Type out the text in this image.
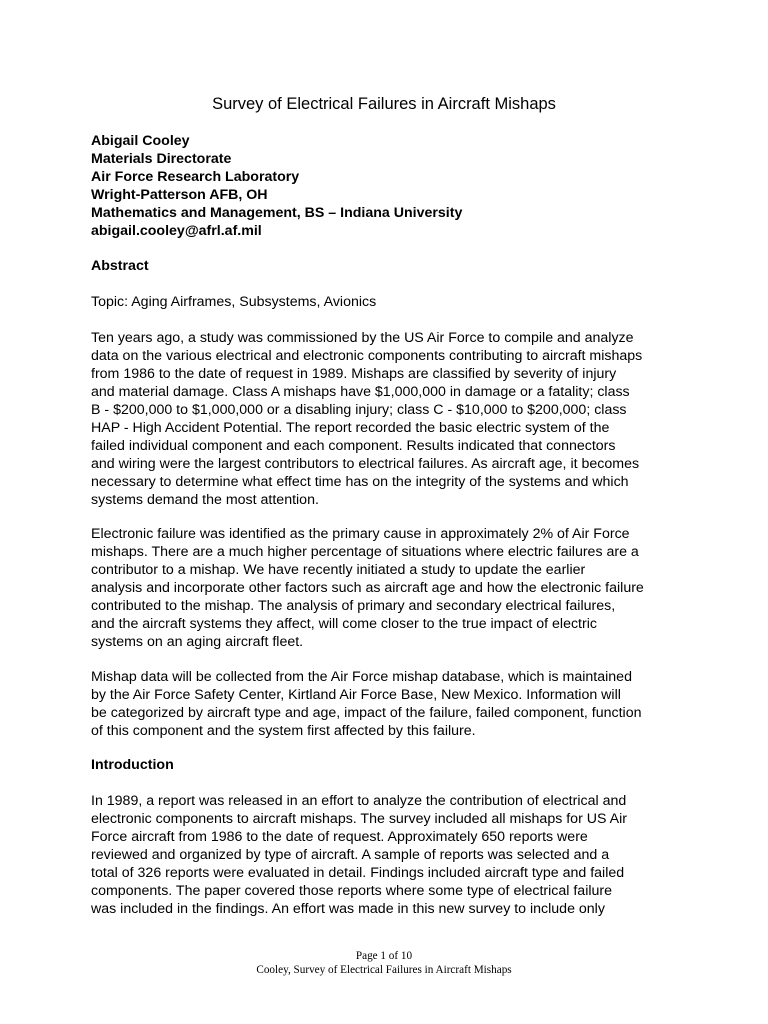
Survey of Electrical Failures in Aircraft Mishaps
Abigail Cooley
Materials Directorate
Air Force Research Laboratory
Wright-Patterson AFB, OH
Mathematics and Management, BS – Indiana University
abigail.cooley@afrl.af.mil
Abstract
Topic: Aging Airframes, Subsystems, Avionics
Ten years ago, a study was commissioned by the US Air Force to compile and analyze
data on the various electrical and electronic components contributing to aircraft mishaps
from 1986 to the date of request in 1989. Mishaps are classified by severity of injury
and material damage. Class A mishaps have $1,000,000 in damage or a fatality; class
B - $200,000 to $1,000,000 or a disabling injury; class C - $10,000 to $200,000; class
HAP - High Accident Potential. The report recorded the basic electric system of the
failed individual component and each component. Results indicated that connectors
and wiring were the largest contributors to electrical failures. As aircraft age, it becomes
necessary to determine what effect time has on the integrity of the systems and which
systems demand the most attention.
Electronic failure was identified as the primary cause in approximately 2% of Air Force
mishaps. There are a much higher percentage of situations where electric failures are a
contributor to a mishap. We have recently initiated a study to update the earlier
analysis and incorporate other factors such as aircraft age and how the electronic failure
contributed to the mishap. The analysis of primary and secondary electrical failures,
and the aircraft systems they affect, will come closer to the true impact of electric
systems on an aging aircraft fleet.
Mishap data will be collected from the Air Force mishap database, which is maintained
by the Air Force Safety Center, Kirtland Air Force Base, New Mexico. Information will
be categorized by aircraft type and age, impact of the failure, failed component, function
of this component and the system first affected by this failure.
Introduction
In 1989, a report was released in an effort to analyze the contribution of electrical and
electronic components to aircraft mishaps. The survey included all mishaps for US Air
Force aircraft from 1986 to the date of request. Approximately 650 reports were
reviewed and organized by type of aircraft. A sample of reports was selected and a
total of 326 reports were evaluated in detail. Findings included aircraft type and failed
components. The paper covered those reports where some type of electrical failure
was included in the findings. An effort was made in this new survey to include only
Page 1 of 10
Cooley, Survey of Electrical Failures in Aircraft Mishaps
